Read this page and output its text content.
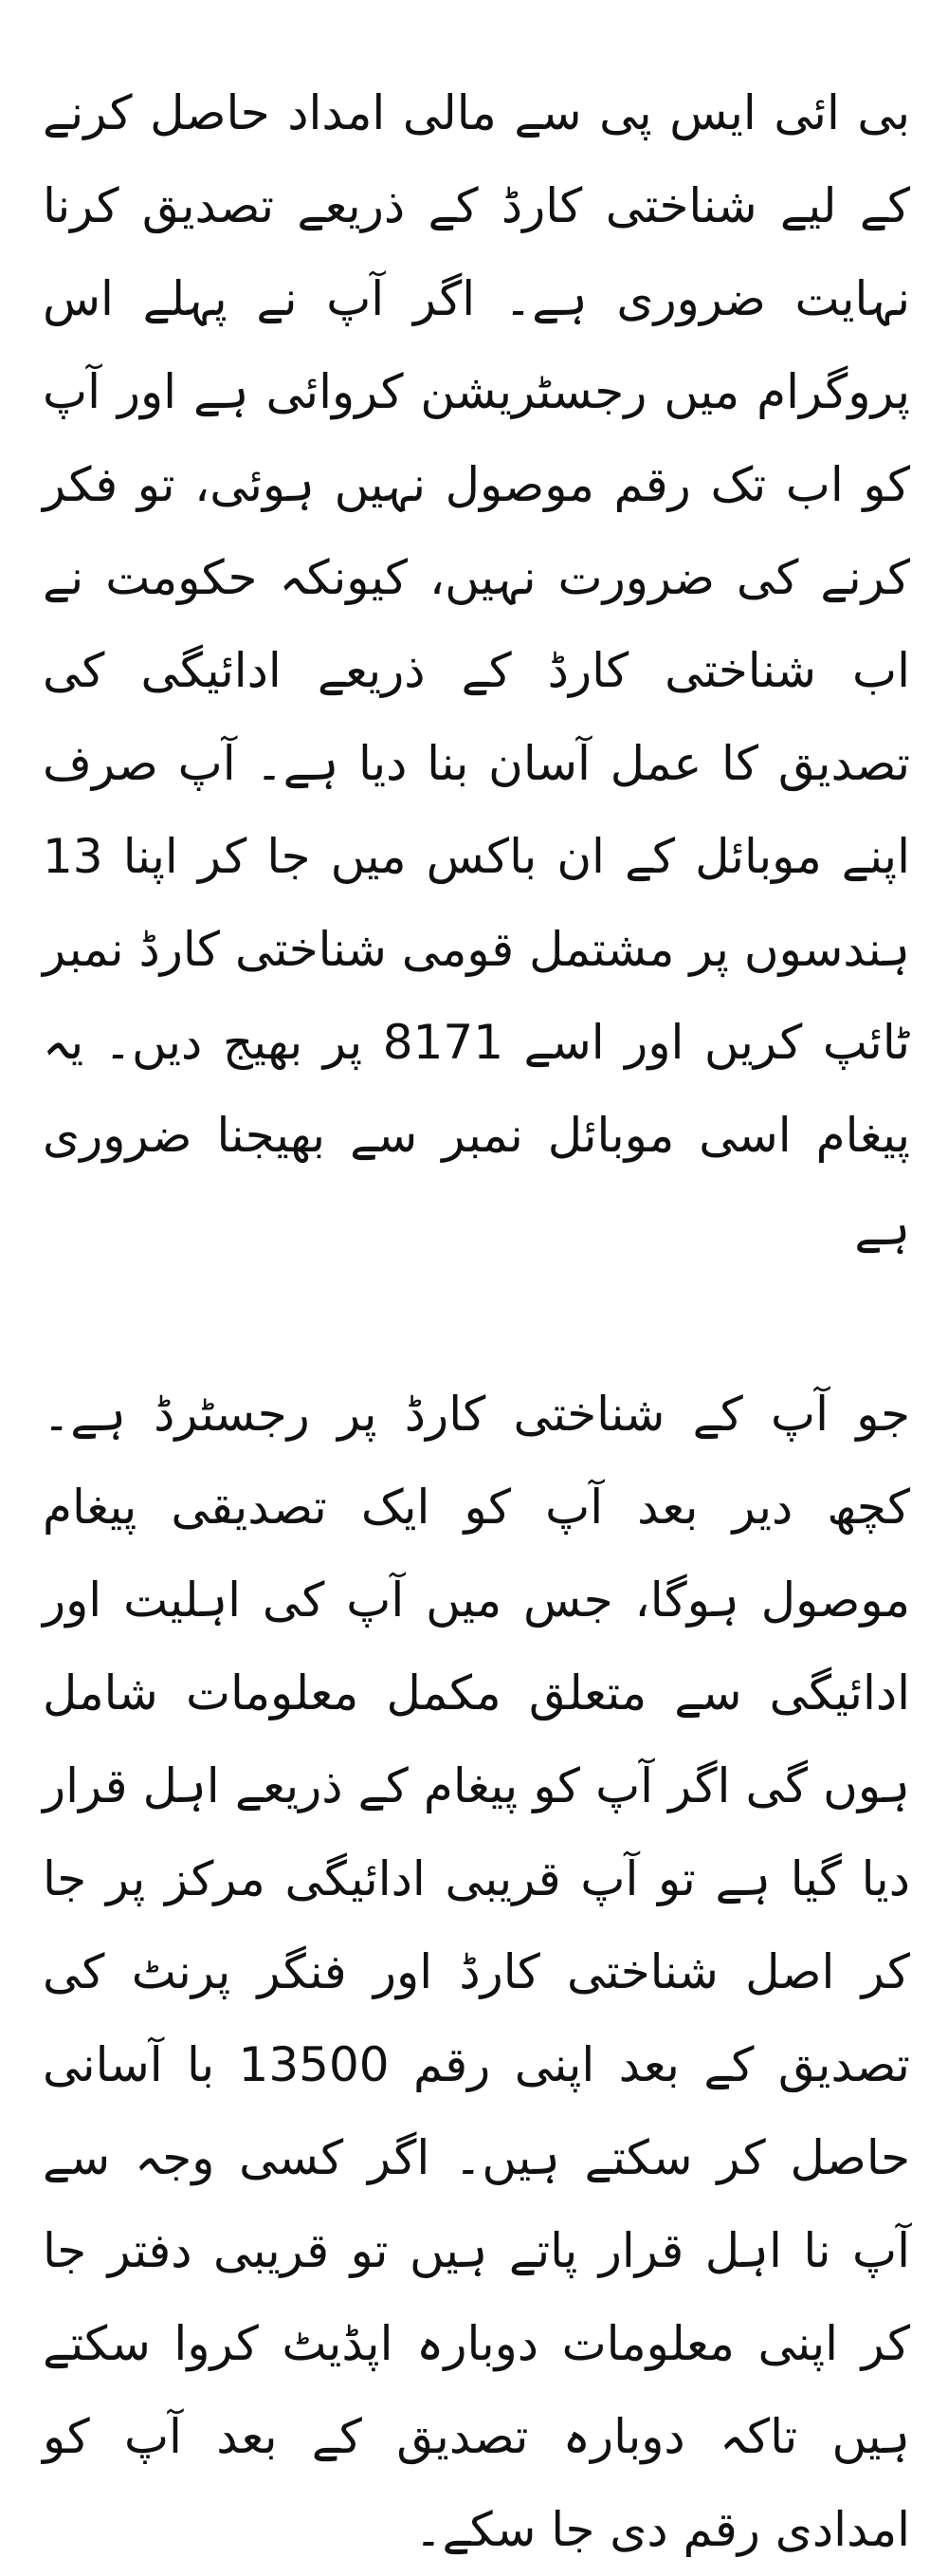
بی ائی ایس پی سے مالی امداد حاصل کرنے کے لیے شناختی کارڈ کے ذریعے تصدیق کرنا نہایت ضروری ہے۔ اگر آپ نے پہلے اس پروگرام میں رجسٹریشن کروائی ہے اور آپ کو اب تک رقم موصول نہیں ہوئی، تو فکر کرنے کی ضرورت نہیں، کیونکہ حکومت نے اب شناختی کارڈ کے ذریعے ادائیگی کی تصدیق کا عمل آسان بنا دیا ہے۔ آپ صرف اپنے موبائل کے ان باکس میں جا کر اپنا 13 ہندسوں پر مشتمل قومی شناختی کارڈ نمبر ٹائپ کریں اور اسے 8171 پر بھیج دیں۔ یہ پیغام اسی موبائل نمبر سے بھیجنا ضروری ہے

جو آپ کے شناختی کارڈ پر رجسٹرڈ ہے۔ کچھ دیر بعد آپ کو ایک تصدیقی پیغام موصول ہوگا، جس میں آپ کی اہلیت اور ادائیگی سے متعلق مکمل معلومات شامل ہوں گی اگر آپ کو پیغام کے ذریعے اہل قرار دیا گیا ہے تو آپ قریبی ادائیگی مرکز پر جا کر اصل شناختی کارڈ اور فنگر پرنٹ کی تصدیق کے بعد اپنی رقم 13500 با آسانی حاصل کر سکتے ہیں۔ اگر کسی وجہ سے آپ نا اہل قرار پاتے ہیں تو قریبی دفتر جا کر اپنی معلومات دوبارہ اپڈیٹ کروا سکتے ہیں تاکہ دوبارہ تصدیق کے بعد آپ کو امدادی رقم دی جا سکے۔
